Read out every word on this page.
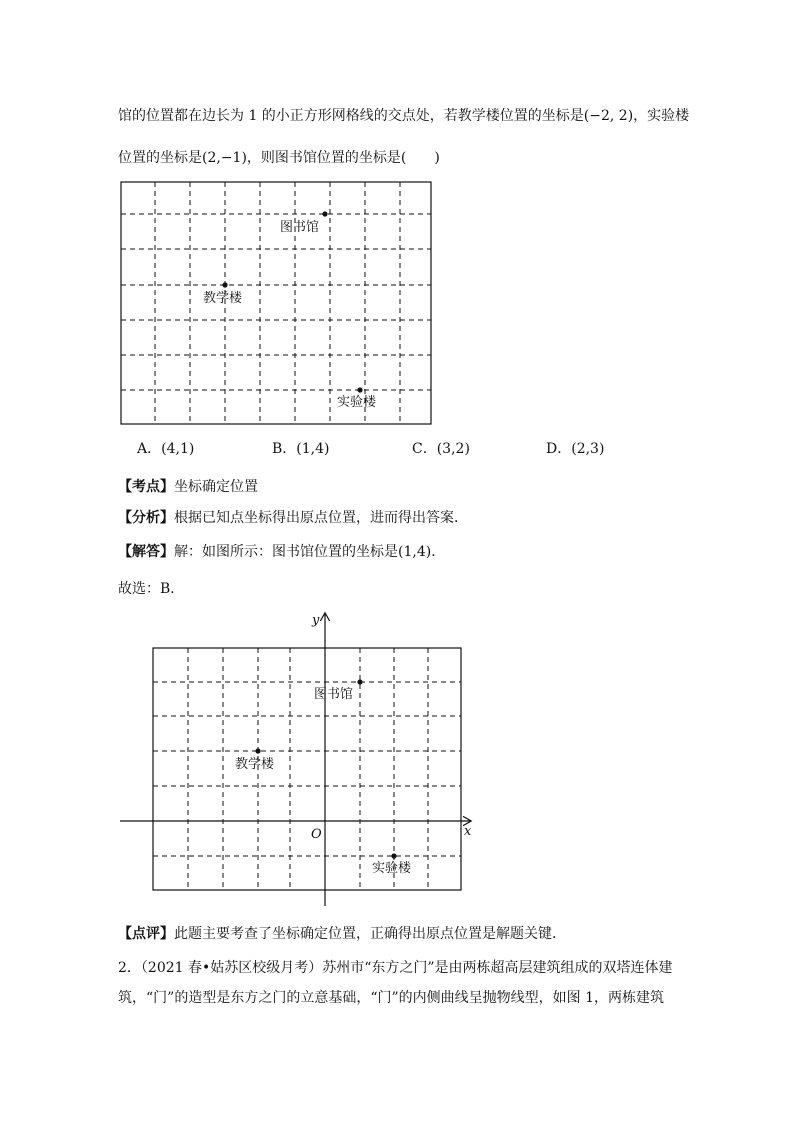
馆的位置都在边长为 1 的小正方形网格线的交点处，若教学楼位置的坐标是(−2, 2)，实验楼
位置的坐标是(2,−1)，则图书馆位置的坐标是(　　)
图书馆
教学楼
实验楼
A．(4,1)	B．(1,4)	C．(3,2)	D．(2,3)
【考点】坐标确定位置
【分析】根据已知点坐标得出原点位置，进而得出答案．
【解答】解：如图所示：图书馆位置的坐标是(1,4)．
故选：B．
x
y
O
图书馆
教学楼
实验楼
【点评】此题主要考查了坐标确定位置，正确得出原点位置是解题关键．
2．（2021 春•姑苏区校级月考）苏州市“东方之门”是由两栋超高层建筑组成的双塔连体建
筑，“门”的造型是东方之门的立意基础，“门”的内侧曲线呈抛物线型，如图 1，两栋建筑
